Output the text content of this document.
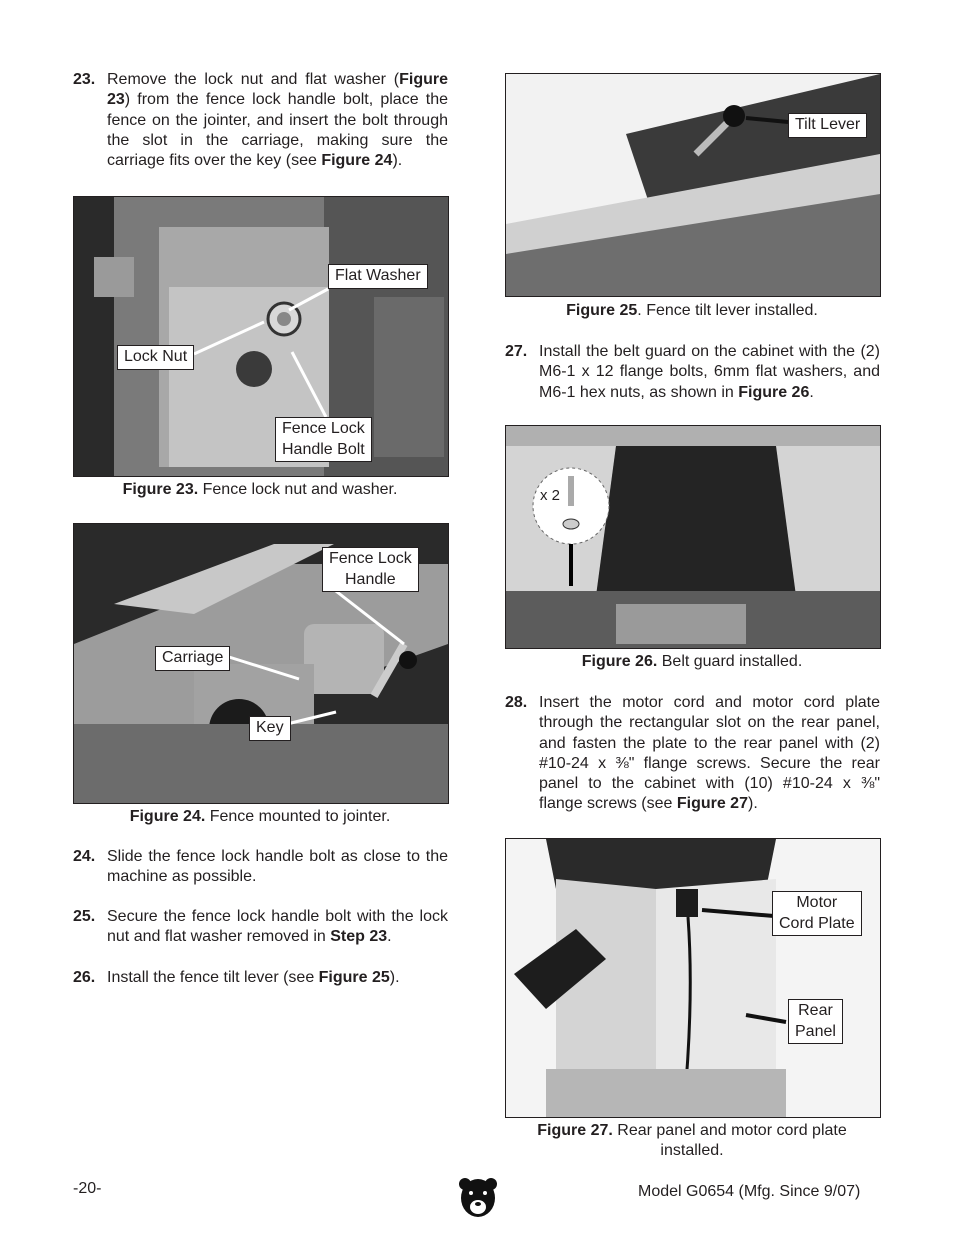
23. Remove the lock nut and flat washer (Figure 23) from the fence lock handle bolt, place the fence on the jointer, and insert the bolt through the slot in the carriage, making sure the carriage fits over the key (see Figure 24).
Flat Washer
Lock Nut
Fence Lock
Handle Bolt
Figure 23. Fence lock nut and washer.
Fence Lock
Handle
Carriage
Key
Figure 24. Fence mounted to jointer.
24. Slide the fence lock handle bolt as close to the machine as possible.
25. Secure the fence lock handle bolt with the lock nut and flat washer removed in Step 23.
26. Install the fence tilt lever (see Figure 25).
Tilt Lever
Figure 25. Fence tilt lever installed.
27. Install the belt guard on the cabinet with the (2) M6-1 x 12 flange bolts, 6mm flat washers, and M6-1 hex nuts, as shown in Figure 26.
x 2
Figure 26. Belt guard installed.
28. Insert the motor cord and motor cord plate through the rectangular slot on the rear panel, and fasten the plate to the rear panel with (2) #10-24 x ⅜" flange screws. Secure the rear panel to the cabinet with (10) #10-24 x ⅜" flange screws (see Figure 27).
Motor
Cord Plate
Rear
Panel
Figure 27. Rear panel and motor cord plate
installed.
-20-	Model G0654 (Mfg. Since 9/07)
